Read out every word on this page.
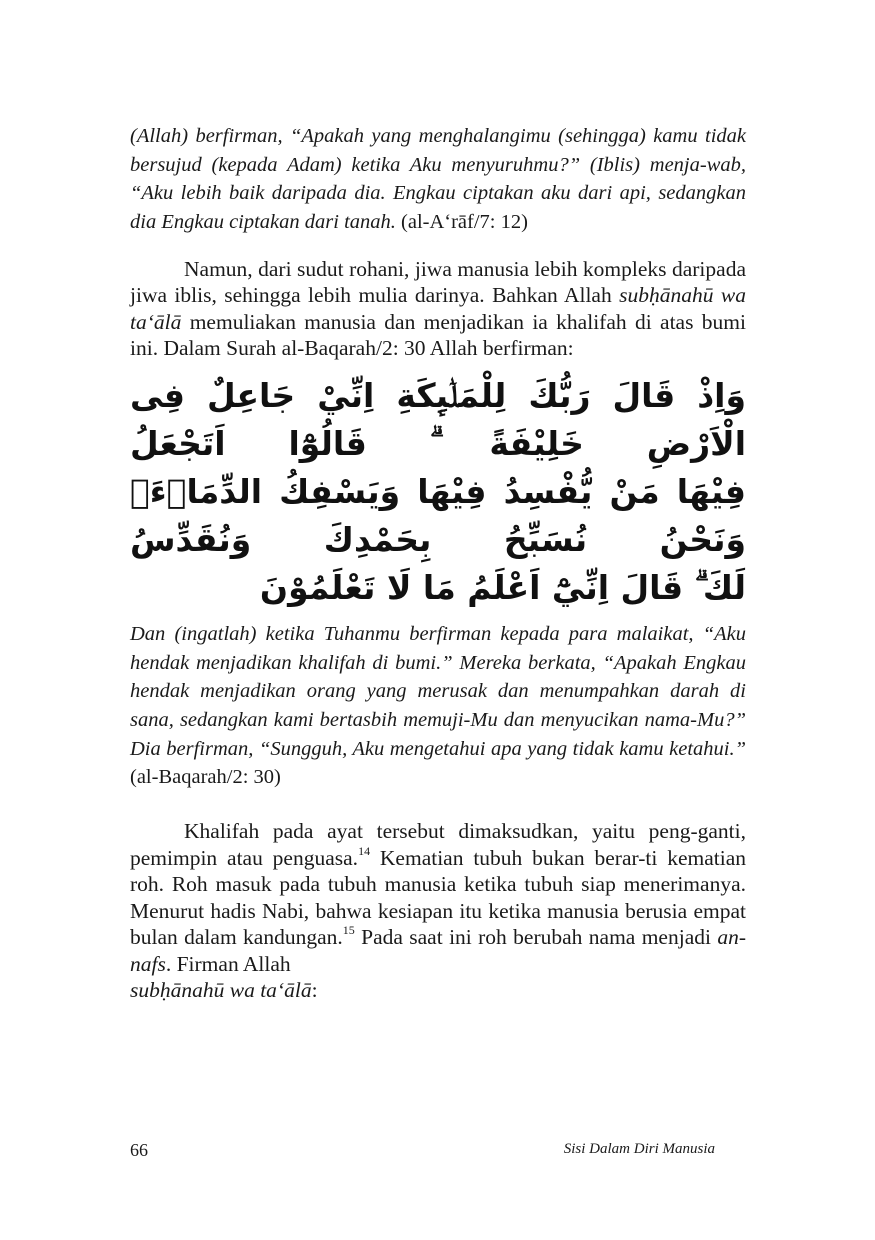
(Allah) berfirman, “Apakah yang menghalangimu (sehingga) kamu tidak bersujud (kepada Adam) ketika Aku menyuruhmu?” (Iblis) menja-wab, “Aku lebih baik daripada dia. Engkau ciptakan aku dari api, sedangkan dia Engkau ciptakan dari tanah. (al-A‘rāf/7: 12)

Namun, dari sudut rohani, jiwa manusia lebih kompleks daripada jiwa iblis, sehingga lebih mulia darinya. Bahkan Allah subḥānahū wa ta‘ālā memuliakan manusia dan menjadikan ia khalifah di atas bumi ini. Dalam Surah al-Baqarah/2: 30 Allah berfirman:

وَاِذْ قَالَ رَبُّكَ لِلْمَلٰۤىِٕكَةِ اِنِّيْ جَاعِلٌ فِى الْاَرْضِ خَلِيْفَةً ۗ قَالُوْٓا اَتَجْعَلُ
فِيْهَا مَنْ يُّفْسِدُ فِيْهَا وَيَسْفِكُ الدِّمَاۤءَۚ وَنَحْنُ نُسَبِّحُ بِحَمْدِكَ وَنُقَدِّسُ
لَكَ ۗ قَالَ اِنِّيْٓ اَعْلَمُ مَا لَا تَعْلَمُوْنَ

Dan (ingatlah) ketika Tuhanmu berfirman kepada para malaikat, “Aku hendak menjadikan khalifah di bumi.” Mereka berkata, “Apakah Engkau hendak menjadikan orang yang merusak dan menumpahkan darah di sana, sedangkan kami bertasbih memuji-Mu dan menyucikan nama-Mu?” Dia berfirman, “Sungguh, Aku mengetahui apa yang tidak kamu ketahui.” (al-Baqarah/2: 30)

Khalifah pada ayat tersebut dimaksudkan, yaitu peng-ganti, pemimpin atau penguasa.$^{14}$ Kematian tubuh bukan berar-ti kematian roh. Roh masuk pada tubuh manusia ketika tubuh siap menerimanya. Menurut hadis Nabi, bahwa kesiapan itu ketika manusia berusia empat bulan dalam kandungan.$^{15}$ Pada saat ini roh berubah nama menjadi an-nafs. Firman Allah
subḥānahū wa ta‘ālā:

66	Sisi Dalam Diri Manusia
